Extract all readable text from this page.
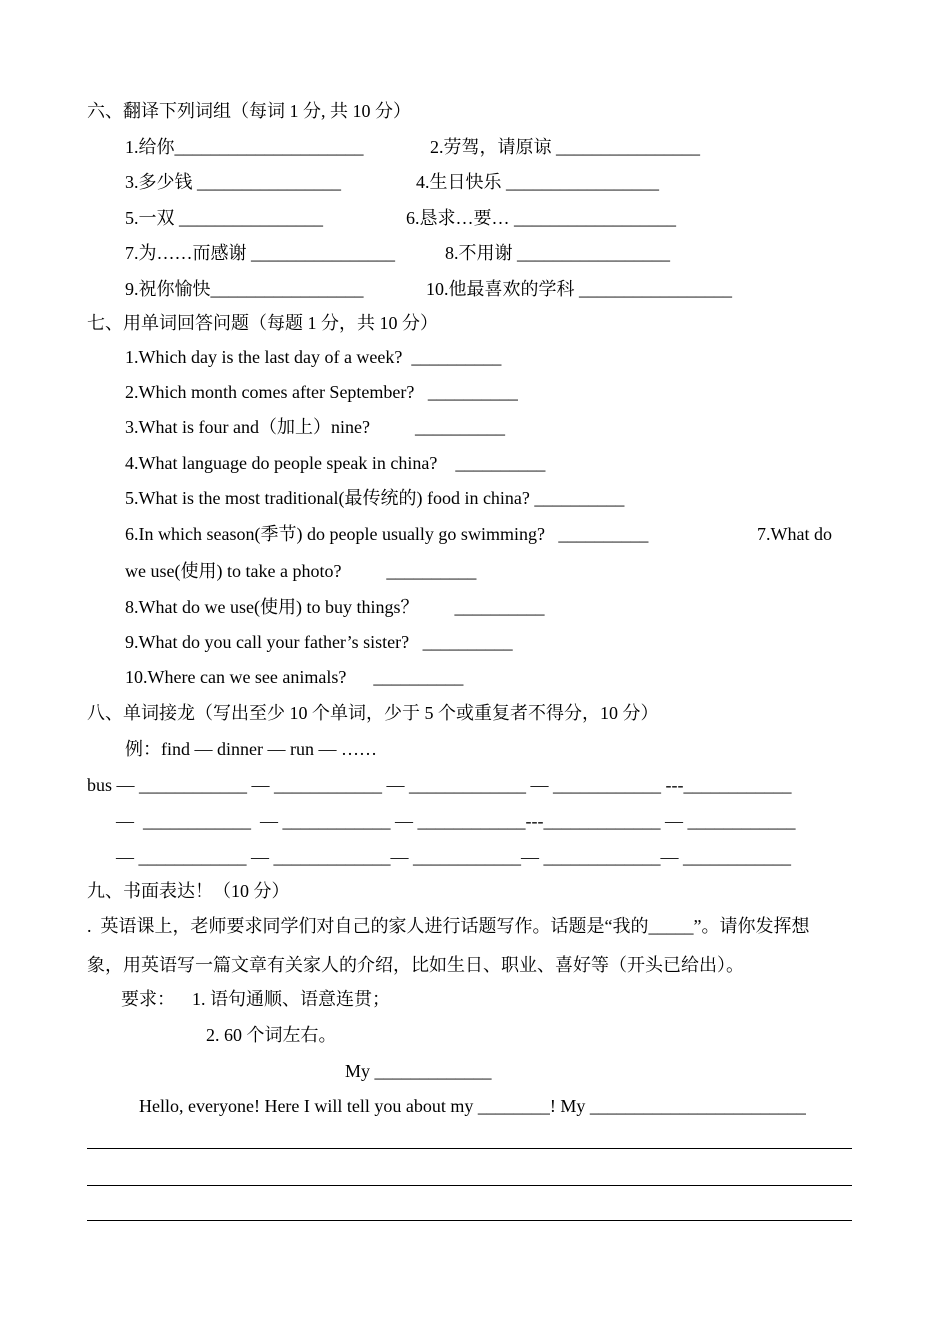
六、翻译下列词组（每词 1 分, 共 10 分）
1.给你_____________________	2.劳驾，请原谅 ________________
3.多少钱 ________________	4.生日快乐 _________________
5.一双 ________________	6.恳求…要… __________________
7.为……而感谢 ________________	8.不用谢 _________________
9.祝你愉快_________________	10.他最喜欢的学科 _________________
七、用单词回答问题（每题 1 分，共 10 分）
1.Which day is the last day of a week?  __________
2.Which month comes after September?   __________
3.What is four and（加上）nine?          __________
4.What language do people speak in china?    __________
5.What is the most traditional(最传统的) food in china? __________
6.In which season(季节) do people usually go swimming?   __________	7.What do
we use(使用) to take a photo?          __________
8.What do we use(使用) to buy things？        __________
9.What do you call your father’s sister?   __________
10.Where can we see animals?      __________
八、单词接龙（写出至少 10 个单词，少于 5 个或重复者不得分，10 分）
例：find — dinner — run — ……
bus — ____________ — ____________ — _____________ — ____________ ---____________
—  ____________  — ____________ — ____________---_____________ — ____________
— ____________ — _____________— ____________— _____________— ____________
九、书面表达！（10 分）
.  英语课上，老师要求同学们对自己的家人进行话题写作。话题是“我的_____”。请你发挥想
象，用英语写一篇文章有关家人的介绍，比如生日、职业、喜好等（开头已给出）。
要求： 1. 语句通顺、语意连贯；
2. 60 个词左右。
My _____________
Hello, everyone! Here I will tell you about my ________! My ________________________
